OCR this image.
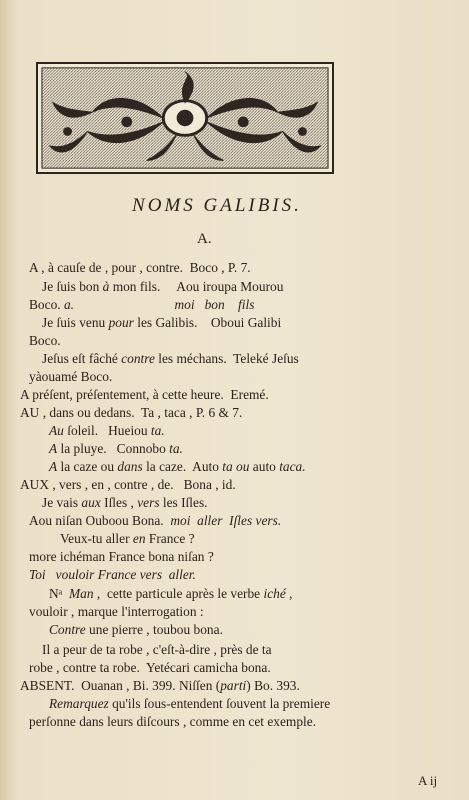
NOMS GALIBIS.
A.
A , à cauſe de , pour , contre.  Boco , P. 7.
Je ſuis bon à mon fils.     Aou iroupa Mourou
Boco. a.	moi   bon    fils
Je ſuis venu pour les Galibis.    Oboui Galibi
Boco.
Jeſus eſt fâché contre les méchans.  Teleké Jeſus
yàouamé Boco.
A préſent, préſentement, à cette heure.  Eremé.
AU , dans ou dedans.  Ta , taca , P. 6 & 7.
Au ſoleil.   Hueiou ta.
A la pluye.   Connobo ta.
A la caze ou dans la caze.  Auto ta ou auto taca.
AUX , vers , en , contre , de.   Bona , id.
Je vais aux Iſles , vers les Iſles.
Aou niſan Ouboou Bona.  moi  aller  Iſles vers.
Veux-tu aller en France ?
more ichéman France bona niſan ?
Toi   vouloir France vers  aller.
Nᵃ  Man ,  cette particule après le verbe iché ,
vouloir , marque l'interrogation :
Contre une pierre , toubou bona.
Il a peur de ta robe , c'eſt-à-dire , près de ta
robe , contre ta robe.  Yetécari camicha bona.
ABSENT.  Ouanan , Bi. 399. Niſſen (parti) Bo. 393.
Remarquez qu'ils ſous-entendent ſouvent la premiere
perſonne dans leurs diſcours , comme en cet exemple.
A ij
